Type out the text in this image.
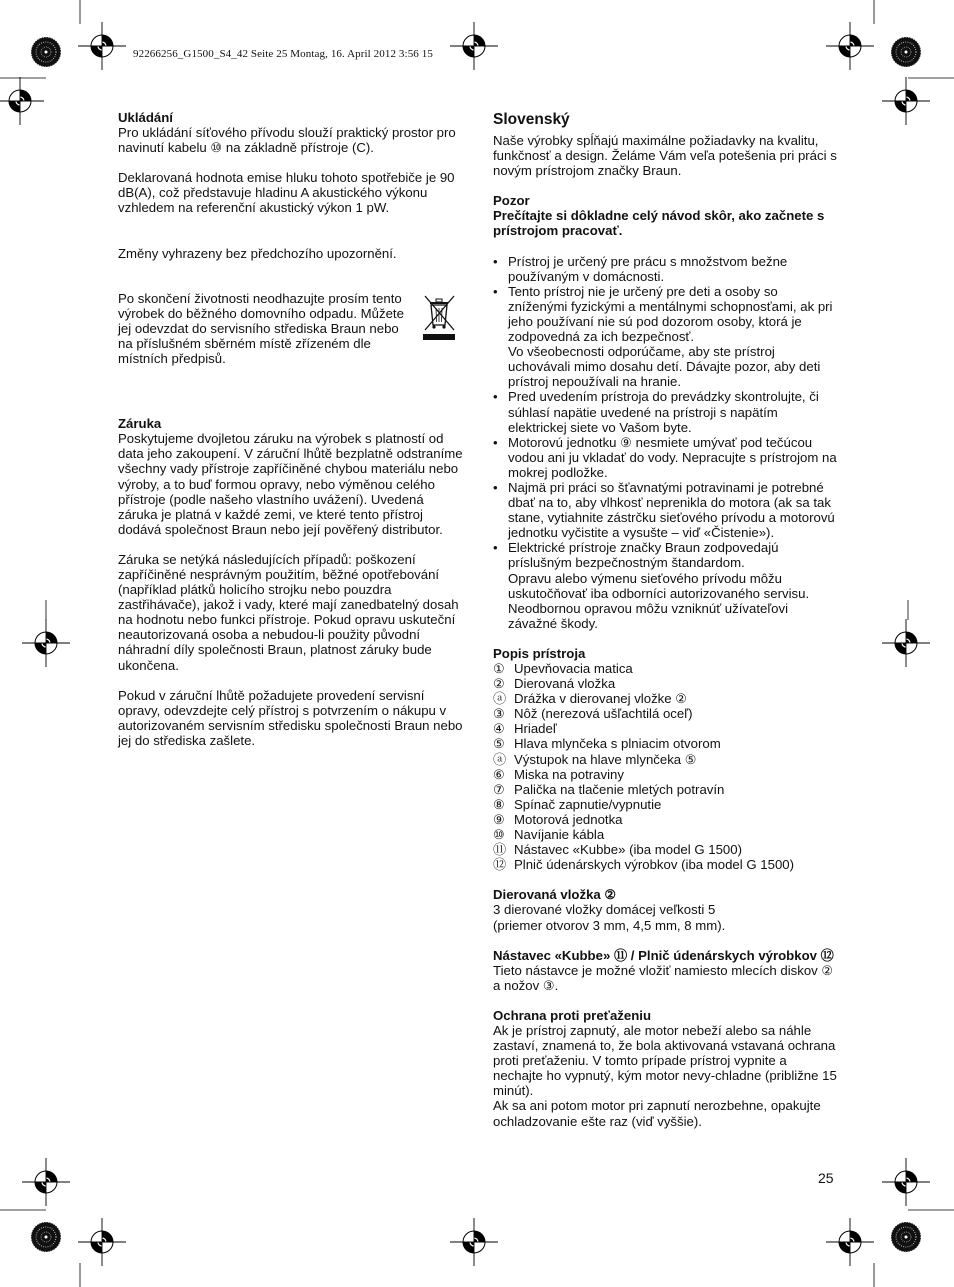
92266256_G1500_S4_42 Seite 25 Montag, 16. April 2012 3:56 15

Ukládání

Pro ukládání síťového přívodu slouží praktický prostor pro navinutí kabelu ⑩ na základně přístroje (C).

Deklarovaná hodnota emise hluku tohoto spotřebiče je 90 dB(A), což představuje hladinu A akustického výkonu vzhledem na referenční akustický výkon 1 pW.

Změny vyhrazeny bez předchozího upozornění.

Po skončení životnosti neodhazujte prosím tento výrobek do běžného domovního odpadu. Můžete jej odevzdat do servisního střediska Braun nebo na příslušném sběrném místě zřízeném dle místních předpisů.

Záruka

Poskytujeme dvojletou záruku na výrobek s platností od data jeho zakoupení. V záruční lhůtě bezplatně odstraníme všechny vady přístroje zapříčiněné chybou materiálu nebo výroby, a to buď formou opravy, nebo výměnou celého přístroje (podle našeho vlastního uvážení). Uvedená záruka je platná v každé zemi, ve které tento přístroj dodává společnost Braun nebo její pověřený distributor.

Záruka se netýká následujících případů: poškození zapříčiněné nesprávným použitím, běžné opotřebování (například plátků holicího strojku nebo pouzdra zastřihávače), jakož i vady, které mají zanedbatelný dosah na hodnotu nebo funkci přístroje. Pokud opravu uskuteční neautorizovaná osoba a nebudou-li použity původní náhradní díly společnosti Braun, platnost záruky bude ukončena.

Pokud v záruční lhůtě požadujete provedení servisní opravy, odevzdejte celý přístroj s potvrzením o nákupu v autorizovaném servisním středisku společnosti Braun nebo jej do střediska zašlete.

Slovenský

Naše výrobky spĺňajú maximálne požiadavky na kvalitu, funkčnosť a design. Želáme Vám veľa potešenia pri práci s novým prístrojom značky Braun.

Pozor

Prečítajte si dôkladne celý návod skôr, ako začnete s prístrojom pracovať.

• Prístroj je určený pre prácu s množstvom bežne používaným v domácnosti.
• Tento prístroj nie je určený pre deti a osoby so zníženými fyzickými a mentálnymi schopnosťami, ak pri jeho používaní nie sú pod dozorom osoby, ktorá je zodpovedná za ich bezpečnosť.
Vo všeobecnosti odporúčame, aby ste prístroj uchovávali mimo dosahu detí. Dávajte pozor, aby deti prístroj nepoužívali na hranie.
• Pred uvedením prístroja do prevádzky skontrolujte, či súhlasí napätie uvedené na prístroji s napätím elektrickej siete vo Vašom byte.
• Motorovú jednotku ⑨ nesmiete umývať pod tečúcou vodou ani ju vkladať do vody. Nepracujte s prístrojom na mokrej podložke.
• Najmä pri práci so šťavnatými potravinami je potrebné dbať na to, aby vlhkosť neprenikla do motora (ak sa tak stane, vytiahnite zástrčku sieťového prívodu a motorovú jednotku vyčistite a vysušte – viď «Čistenie»).
• Elektrické prístroje značky Braun zodpovedajú príslušným bezpečnostným štandardom.
Opravu alebo výmenu sieťového prívodu môžu uskutočňovať iba odborníci autorizovaného servisu. Neodbornou opravou môžu vzniknúť užívateľovi závažné škody.

Popis prístroja

① Upevňovacia matica
② Dierovaná vložka
ⓐ Drážka v dierovanej vložke ②
③ Nôž (nerezová ušľachtilá oceľ)
④ Hriadeľ
⑤ Hlava mlynčeka s plniacim otvorom
ⓐ Výstupok na hlave mlynčeka ⑤
⑥ Miska na potraviny
⑦ Palička na tlačenie mletých potravín
⑧ Spínač zapnutie/vypnutie
⑨ Motorová jednotka
⑩ Navíjanie kábla
⑪ Nástavec «Kubbe» (iba model G 1500)
⑫ Plnič údenárskych výrobkov (iba model G 1500)

Dierovaná vložka ②

3 dierované vložky domácej veľkosti 5
(priemer otvorov 3 mm, 4,5 mm, 8 mm).

Nástavec «Kubbe» ⑪ / Plnič údenárskych výrobkov ⑫

Tieto nástavce je možné vložiť namiesto mlecích diskov ② a nožov ③.

Ochrana proti preťaženiu

Ak je prístroj zapnutý, ale motor nebeží alebo sa náhle zastaví, znamená to, že bola aktivovaná vstavaná ochrana proti preťaženiu. V tomto prípade prístroj vypnite a nechajte ho vypnutý, kým motor nevy-chladne (približne 15 minút).
Ak sa ani potom motor pri zapnutí nerozbehne, opakujte ochladzovanie ešte raz (viď vyššie).

25
